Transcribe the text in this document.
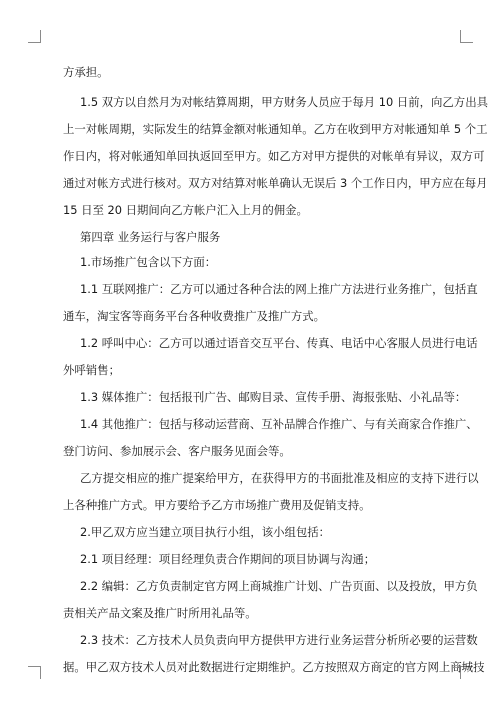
方承担。

1.5 双方以自然月为对帐结算周期，甲方财务人员应于每月 10 日前，向乙方出具

上一对帐周期，实际发生的结算金额对帐通知单。乙方在收到甲方对帐通知单 5 个工

作日内，将对帐通知单回执返回至甲方。如乙方对甲方提供的对帐单有异议，双方可

通过对帐方式进行核对。双方对结算对帐单确认无误后 3 个工作日内，甲方应在每月

15 日至 20 日期间向乙方帐户汇入上月的佣金。

第四章 业务运行与客户服务

1.市场推广包含以下方面：

1.1 互联网推广：乙方可以通过各种合法的网上推广方法进行业务推广，包括直

通车，淘宝客等商务平台各种收费推广及推广方式。

1.2 呼叫中心：乙方可以通过语音交互平台、传真、电话中心客服人员进行电话

外呼销售；

1.3 媒体推广：包括报刊广告、邮购目录、宣传手册、海报张贴、小礼品等：

1.4 其他推广：包括与移动运营商、互补品牌合作推广、与有关商家合作推广、

登门访问、参加展示会、客户服务见面会等。

乙方提交相应的推广提案给甲方，在获得甲方的书面批准及相应的支持下进行以

上各种推广方式。甲方要给予乙方市场推广费用及促销支持。

2.甲乙双方应当建立项目执行小组，该小组包括：

2.1 项目经理：项目经理负责合作期间的项目协调与沟通；

2.2 编辑：乙方负责制定官方网上商城推广计划、广告页面、以及投放，甲方负

责相关产品文案及推广时所用礼品等。

2.3 技术：乙方技术人员负责向甲方提供甲方进行业务运营分析所必要的运营数

据。甲乙双方技术人员对此数据进行定期维护。乙方按照双方商定的官方网上商城技
